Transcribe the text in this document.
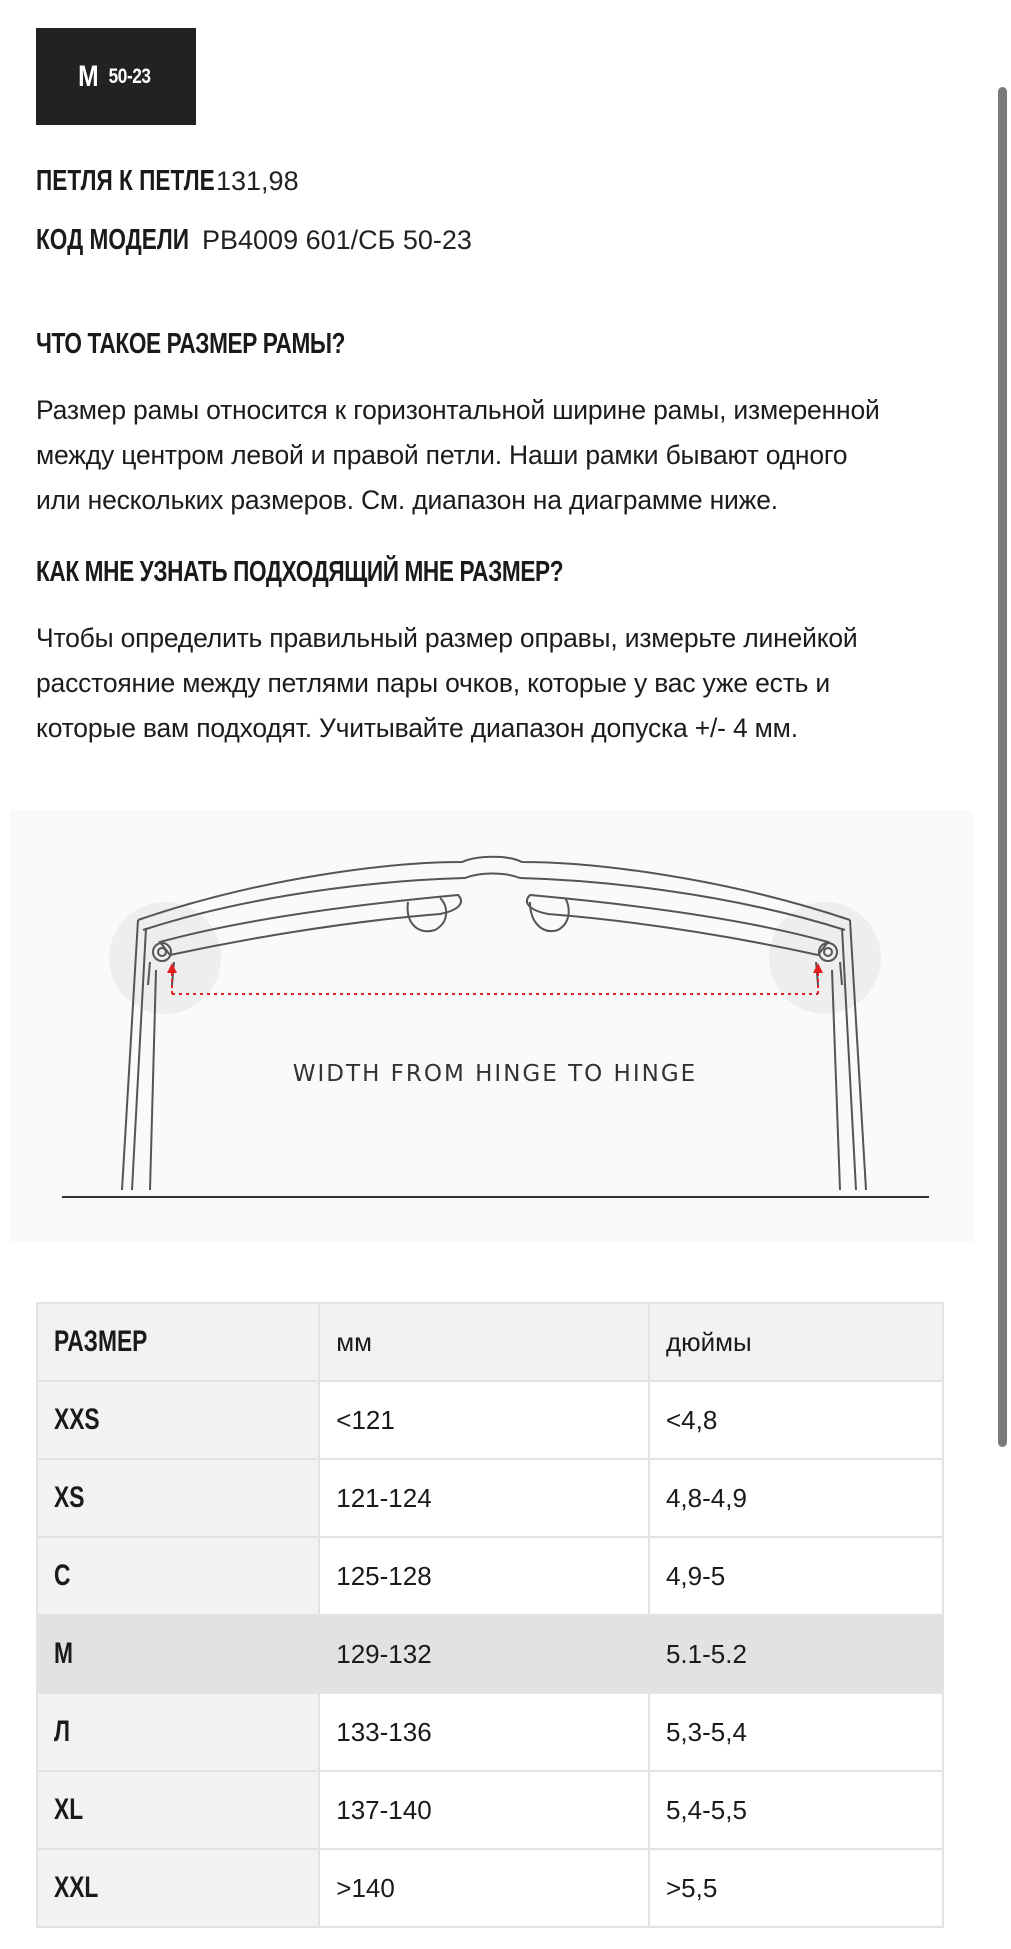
M 50-23
ПЕТЛЯ К ПЕТЛЕ 131,98
КОД МОДЕЛИ РВ4009 601/СБ 50-23
ЧТО ТАКОЕ РАЗМЕР РАМЫ?
Размер рамы относится к горизонтальной ширине рамы, измеренной
между центром левой и правой петли. Наши рамки бывают одного
или нескольких размеров. См. диапазон на диаграмме ниже.
КАК МНЕ УЗНАТЬ ПОДХОДЯЩИЙ МНЕ РАЗМЕР?
Чтобы определить правильный размер оправы, измерьте линейкой
расстояние между петлями пары очков, которые у вас уже есть и
которые вам подходят. Учитывайте диапазон допуска +/- 4 мм.
WIDTH FROM HINGE TO HINGE
РАЗМЕР	мм	дюймы
XXS	<121	<4,8
XS	121-124	4,8-4,9
С	125-128	4,9-5
M	129-132	5.1-5.2
Л	133-136	5,3-5,4
XL	137-140	5,4-5,5
XXL	>140	>5,5
